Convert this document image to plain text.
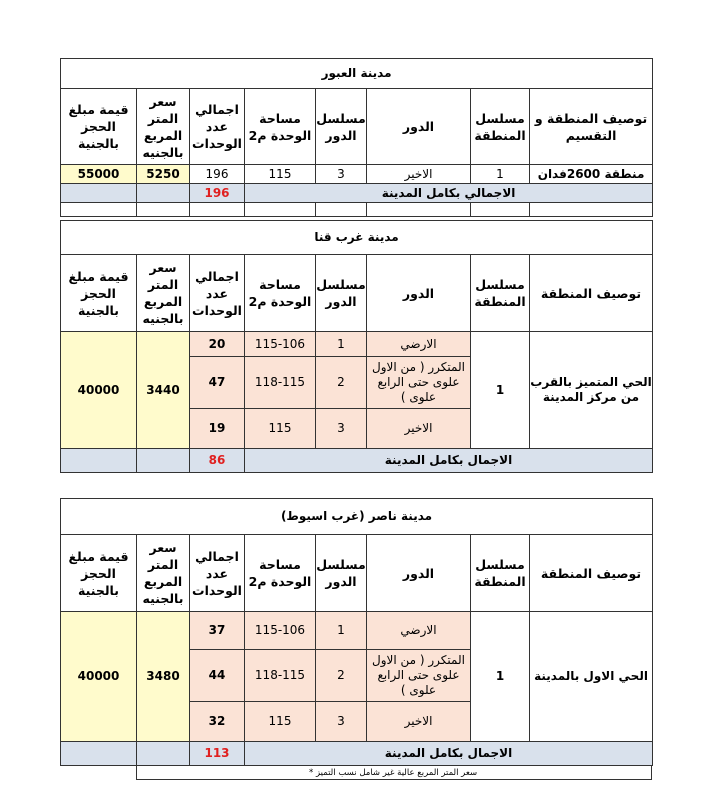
مدينة العبور							
قيمة مبلغ الحجز بالجنية	سعر المتر المربع بالجنيه	اجمالي عدد الوحدات	مساحة الوحدة م2	مسلسل الدور	الدور	مسلسل المنطقة	توصيف المنطقة و التقسيم
55000	5250	196	115	3	الاخير	1	منطقة 2600فدان
		196	الاجمالي بكامل المدينة				

مدينة غرب قنا							
قيمة مبلغ الحجز بالجنية	سعر المتر المربع بالجنيه	اجمالي عدد الوحدات	مساحة الوحدة م2	مسلسل الدور	الدور	مسلسل المنطقة	توصيف المنطقة
40000	3440	20	115-106	1	الارضي	1	الحي المتميز بالقرب من مركز المدينة
		47	118-115	2	المتكرر ( من الاول علوى حتى الرابع علوى )		
		19	115	3	الاخير		
		86	الاجمال بكامل المدينة				
مدينة ناصر (غرب اسيوط)							
قيمة مبلغ الحجز بالجنية	سعر المتر المربع بالجنيه	اجمالي عدد الوحدات	مساحة الوحدة م2	مسلسل الدور	الدور	مسلسل المنطقة	توصيف المنطقة
40000	3480	37	115-106	1	الارضي	1	الحي الاول بالمدينة
		44	118-115	2	المتكرر ( من الاول علوى حتى الرابع علوى )		
		32	115	3	الاخير		
		113	الاجمال بكامل المدينة				
سعر المتر المربع عالية غير شامل نسب التميز *
